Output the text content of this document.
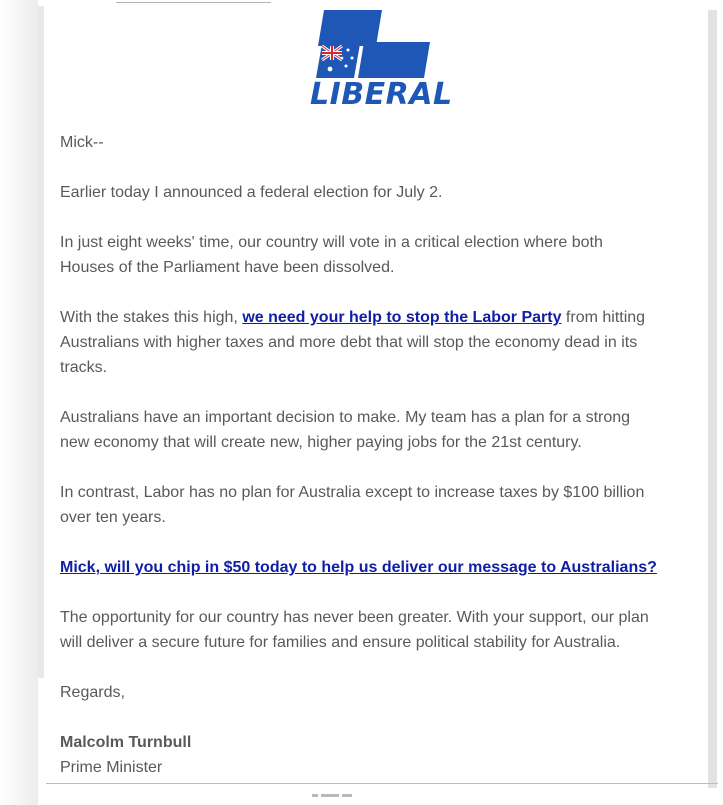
LIBERAL

Mick--

Earlier today I announced a federal election for July 2.

In just eight weeks' time, our country will vote in a critical election where both Houses of the Parliament have been dissolved.

With the stakes this high, we need your help to stop the Labor Party from hitting Australians with higher taxes and more debt that will stop the economy dead in its tracks.

Australians have an important decision to make. My team has a plan for a strong new economy that will create new, higher paying jobs for the 21st century.

In contrast, Labor has no plan for Australia except to increase taxes by $100 billion over ten years.

Mick, will you chip in $50 today to help us deliver our message to Australians?

The opportunity for our country has never been greater. With your support, our plan will deliver a secure future for families and ensure political stability for Australia.

Regards,

Malcolm Turnbull

Prime Minister
